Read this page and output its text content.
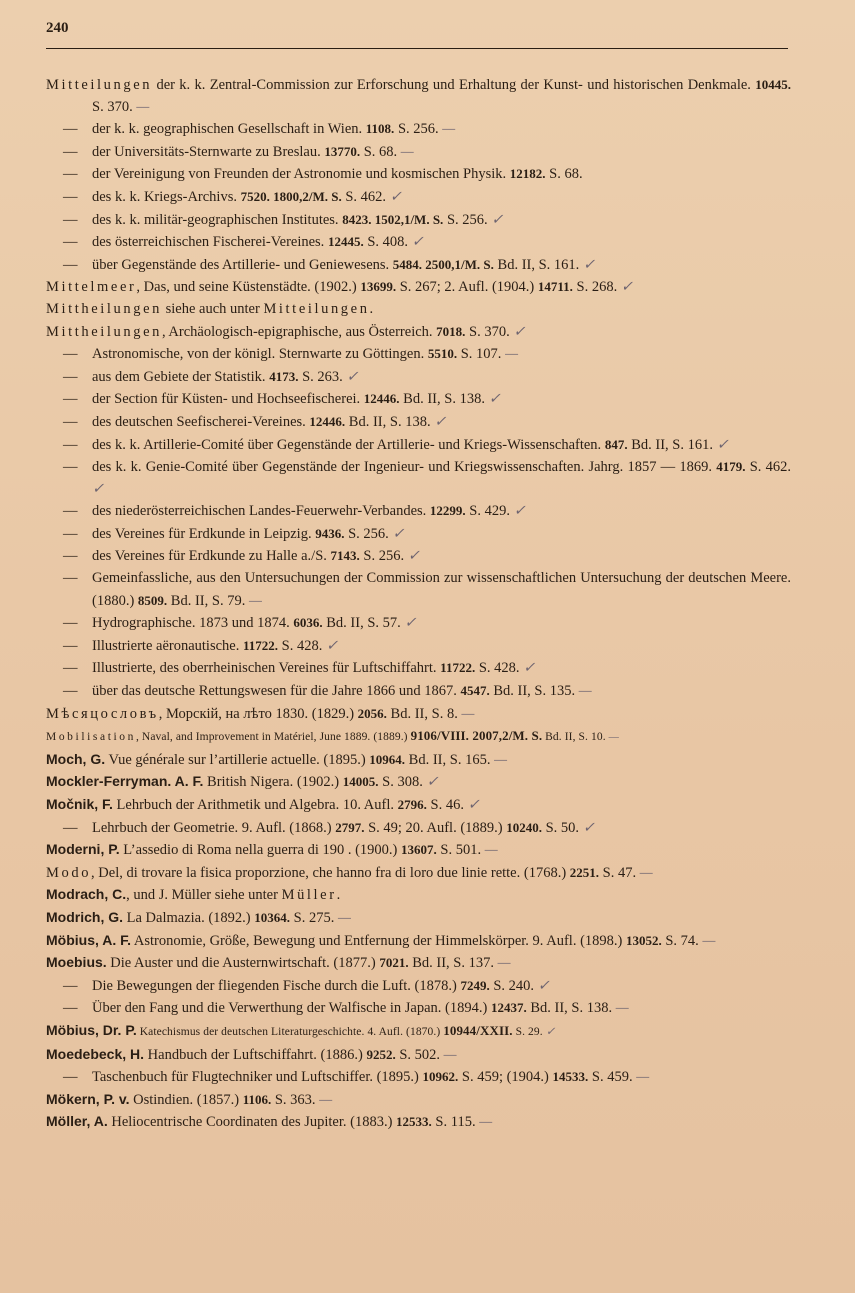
240

Mitteilungen der k. k. Zentral-Commission zur Erforschung und Erhaltung der Kunst- und historischen Denkmale. 10445. S. 370. —

— der k. k. geographischen Gesellschaft in Wien. 1108. S. 256. —

— der Universitäts-Sternwarte zu Breslau. 13770. S. 68. —

— der Vereinigung von Freunden der Astronomie und kosmischen Physik. 12182. S. 68.

— des k. k. Kriegs-Archivs. 7520. 1800,2/M. S. S. 462. ✓

— des k. k. militär-geographischen Institutes. 8423. 1502,1/M. S. S. 256. ✓

— des österreichischen Fischerei-Vereines. 12445. S. 408. ✓

— über Gegenstände des Artillerie- und Geniewesens. 5484. 2500,1/M. S. Bd. II, S. 161. ✓

Mittelmeer, Das, und seine Küstenstädte. (1902.) 13699. S. 267; 2. Aufl. (1904.) 14711. S. 268. ✓

Mittheilungen siehe auch unter Mitteilungen.

Mittheilungen, Archäologisch-epigraphische, aus Österreich. 7018. S. 370. ✓

— Astronomische, von der königl. Sternwarte zu Göttingen. 5510. S. 107. —

— aus dem Gebiete der Statistik. 4173. S. 263. ✓

— der Section für Küsten- und Hochseefischerei. 12446. Bd. II, S. 138. ✓

— des deutschen Seefischerei-Vereines. 12446. Bd. II, S. 138. ✓

— des k. k. Artillerie-Comité über Gegenstände der Artillerie- und Kriegs-Wissenschaften. 847. Bd. II, S. 161. ✓

— des k. k. Genie-Comité über Gegenstände der Ingenieur- und Kriegswissenschaften. Jahrg. 1857 — 1869. 4179. S. 462. ✓

— des niederösterreichischen Landes-Feuerwehr-Verbandes. 12299. S. 429. ✓

— des Vereines für Erdkunde in Leipzig. 9436. S. 256. ✓

— des Vereines für Erdkunde zu Halle a./S. 7143. S. 256. ✓

— Gemeinfassliche, aus den Untersuchungen der Commission zur wissenschaftlichen Untersuchung der deutschen Meere. (1880.) 8509. Bd. II, S. 79. —

— Hydrographische. 1873 und 1874. 6036. Bd. II, S. 57. ✓

— Illustrierte aëronautische. 11722. S. 428. ✓

— Illustrierte, des oberrheinischen Vereines für Luftschiffahrt. 11722. S. 428. ✓

— über das deutsche Rettungswesen für die Jahre 1866 und 1867. 4547. Bd. II, S. 135. —

Мѣсяцословъ, Морскій, на лѣто 1830. (1829.) 2056. Bd. II, S. 8. —

Mobilisation, Naval, and Improvement in Matériel, June 1889. (1889.) 9106/VIII. 2007,2/M. S. Bd. II, S. 10. —

Moch, G. Vue générale sur l’artillerie actuelle. (1895.) 10964. Bd. II, S. 165. —

Mockler-Ferryman. A. F. British Nigera. (1902.) 14005. S. 308. ✓

Močnik, F. Lehrbuch der Arithmetik und Algebra. 10. Aufl. 2796. S. 46. ✓

— Lehrbuch der Geometrie. 9. Aufl. (1868.) 2797. S. 49; 20. Aufl. (1889.) 10240. S. 50. ✓

Moderni, P. L’assedio di Roma nella guerra di 190 . (1900.) 13607. S. 501. —

Modo, Del, di trovare la fisica proporzione, che hanno fra di loro due linie rette. (1768.) 2251. S. 47. —

Modrach, C., und J. Müller siehe unter Müller.

Modrich, G. La Dalmazia. (1892.) 10364. S. 275. —

Möbius, A. F. Astronomie, Größe, Bewegung und Entfernung der Himmelskörper. 9. Aufl. (1898.) 13052. S. 74. —

Moebius. Die Auster und die Austernwirtschaft. (1877.) 7021. Bd. II, S. 137. —

— Die Bewegungen der fliegenden Fische durch die Luft. (1878.) 7249. S. 240. ✓

— Über den Fang und die Verwerthung der Walfische in Japan. (1894.) 12437. Bd. II, S. 138. —

Möbius, Dr. P. Katechismus der deutschen Literaturgeschichte. 4. Aufl. (1870.) 10944/XXII. S. 29. ✓

Moedebeck, H. Handbuch der Luftschiffahrt. (1886.) 9252. S. 502. —

— Taschenbuch für Flugtechniker und Luftschiffer. (1895.) 10962. S. 459; (1904.) 14533. S. 459. —

Mökern, P. v. Ostindien. (1857.) 1106. S. 363. —

Möller, A. Heliocentrische Coordinaten des Jupiter. (1883.) 12533. S. 115. —
